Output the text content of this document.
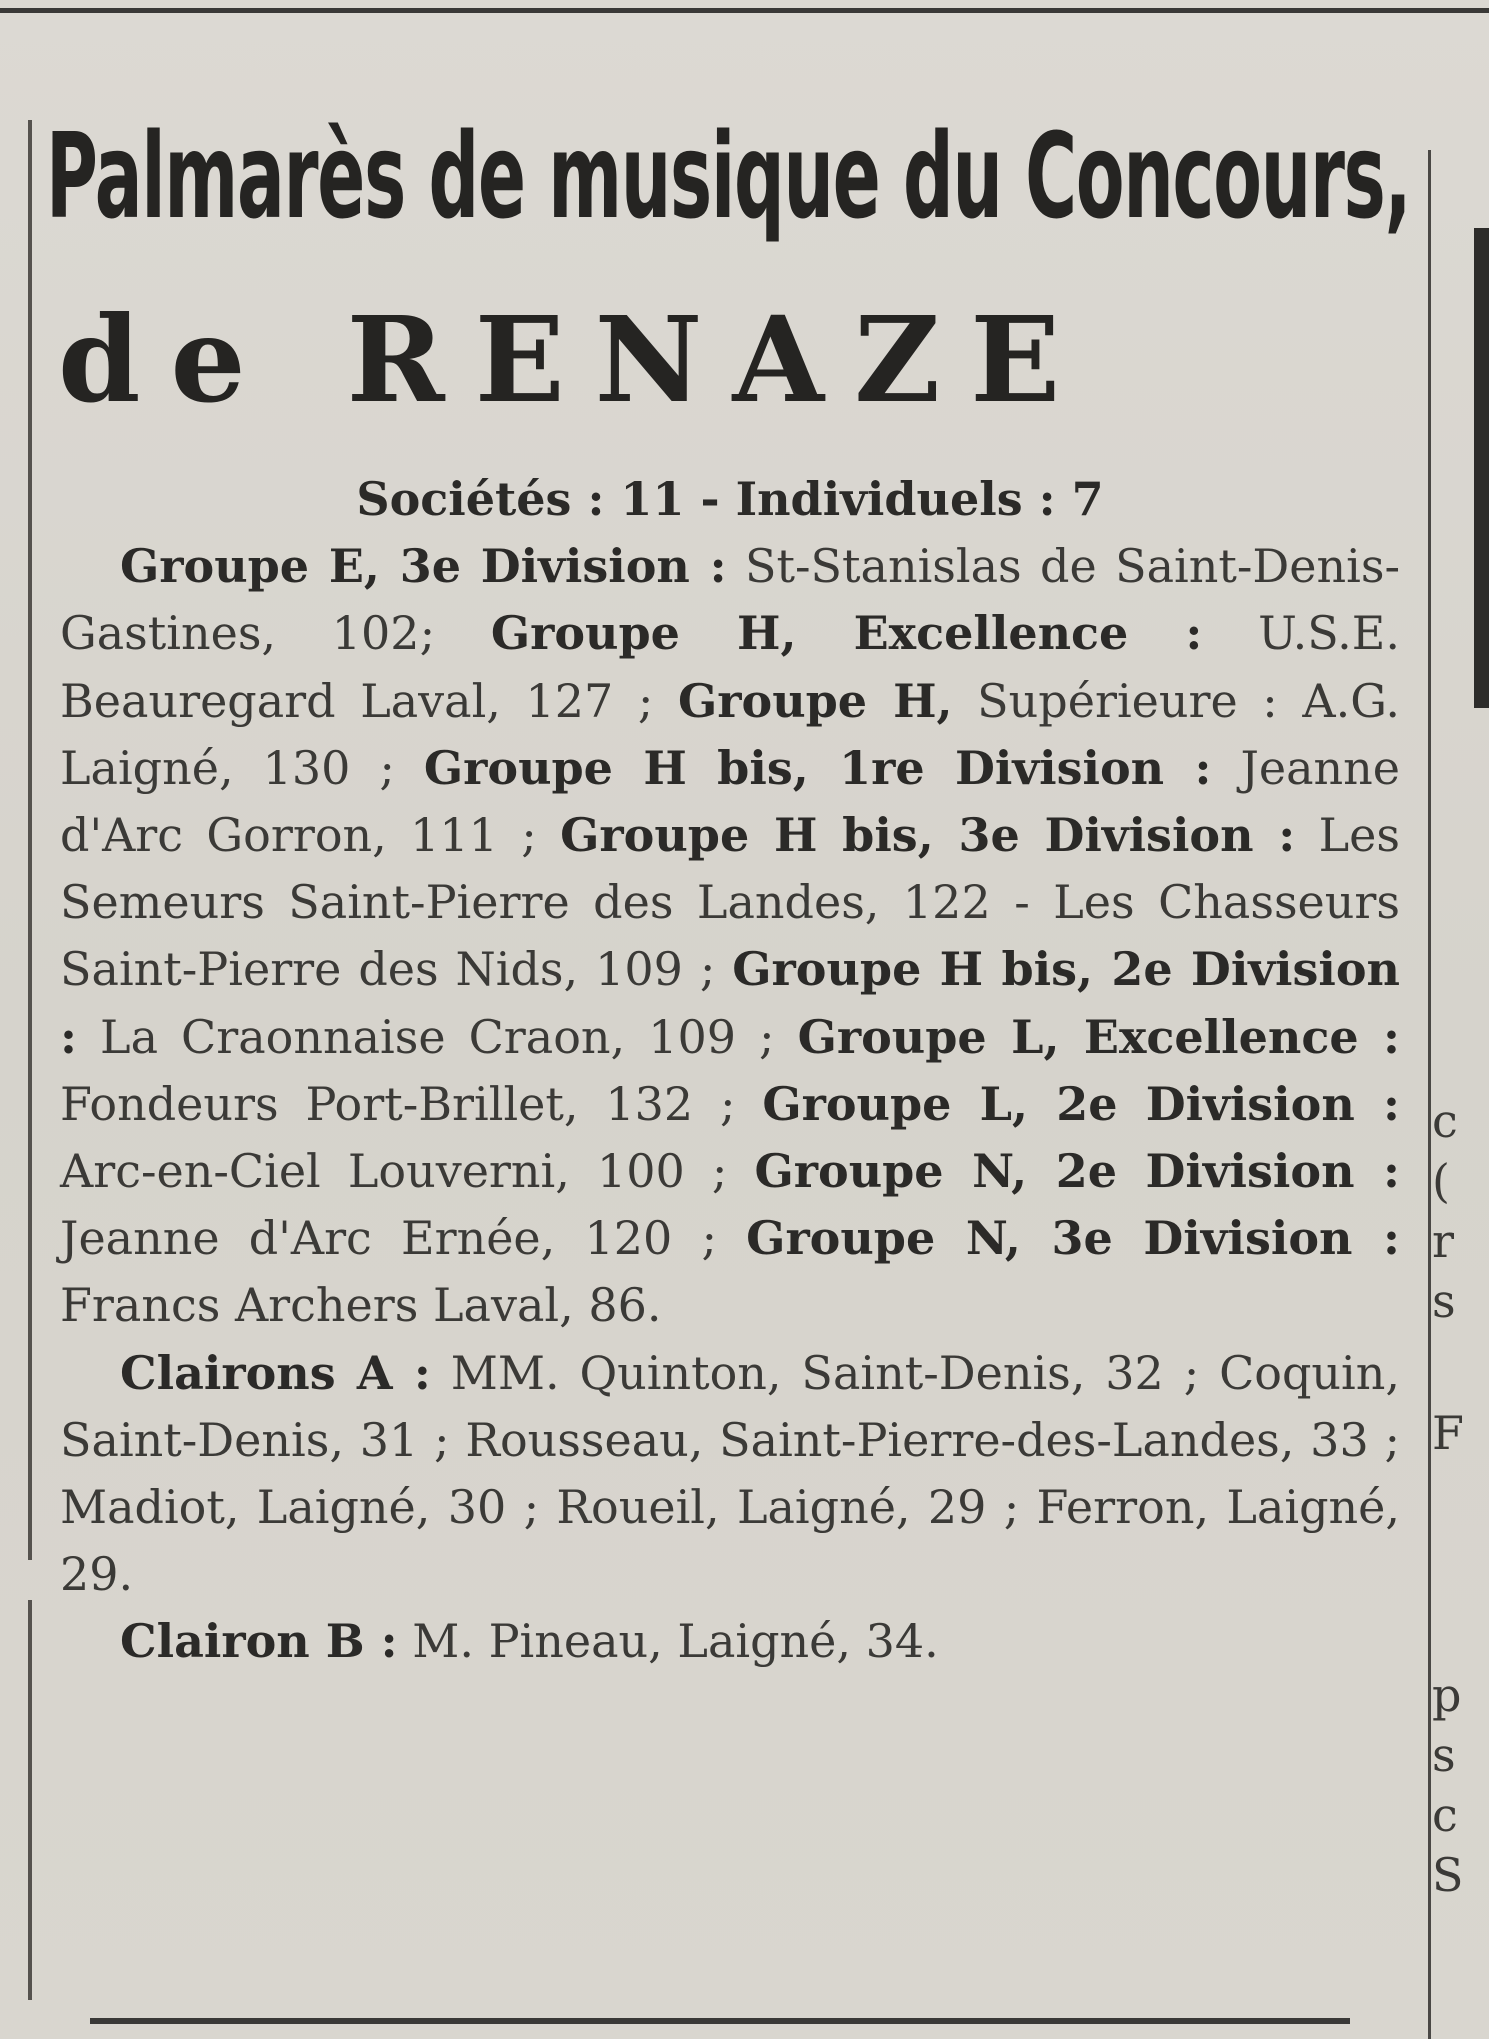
Palmarès de musique du Concours,
de RENAZE

Sociétés : 11 - Individuels : 7

Groupe E, 3e Division : St-Stanislas de Saint-Denis-Gastines, 102; Groupe H, Excellence : U.S.E. Beauregard Laval, 127 ; Groupe H, Supérieure : A.G. Laigné, 130 ; Groupe H bis, 1re Division : Jeanne d'Arc Gorron, 111 ; Groupe H bis, 3e Division : Les Semeurs Saint-Pierre des Landes, 122 - Les Chasseurs Saint-Pierre des Nids, 109 ; Groupe H bis, 2e Division : La Craonnaise Craon, 109 ; Groupe L, Excellence : Fondeurs Port-Brillet, 132 ; Groupe L, 2e Division : Arc-en-Ciel Louverni, 100 ; Groupe N, 2e Division : Jeanne d'Arc Ernée, 120 ; Groupe N, 3e Division : Francs Archers Laval, 86.

Clairons A : MM. Quinton, Saint-Denis, 32 ; Coquin, Saint-Denis, 31 ; Rousseau, Saint-Pierre-des-Landes, 33 ; Madiot, Laigné, 30 ; Roueil, Laigné, 29 ; Ferron, Laigné, 29.

Clairon B : M. Pineau, Laigné, 34.

c
(
r
s
F
p
s
c
S
